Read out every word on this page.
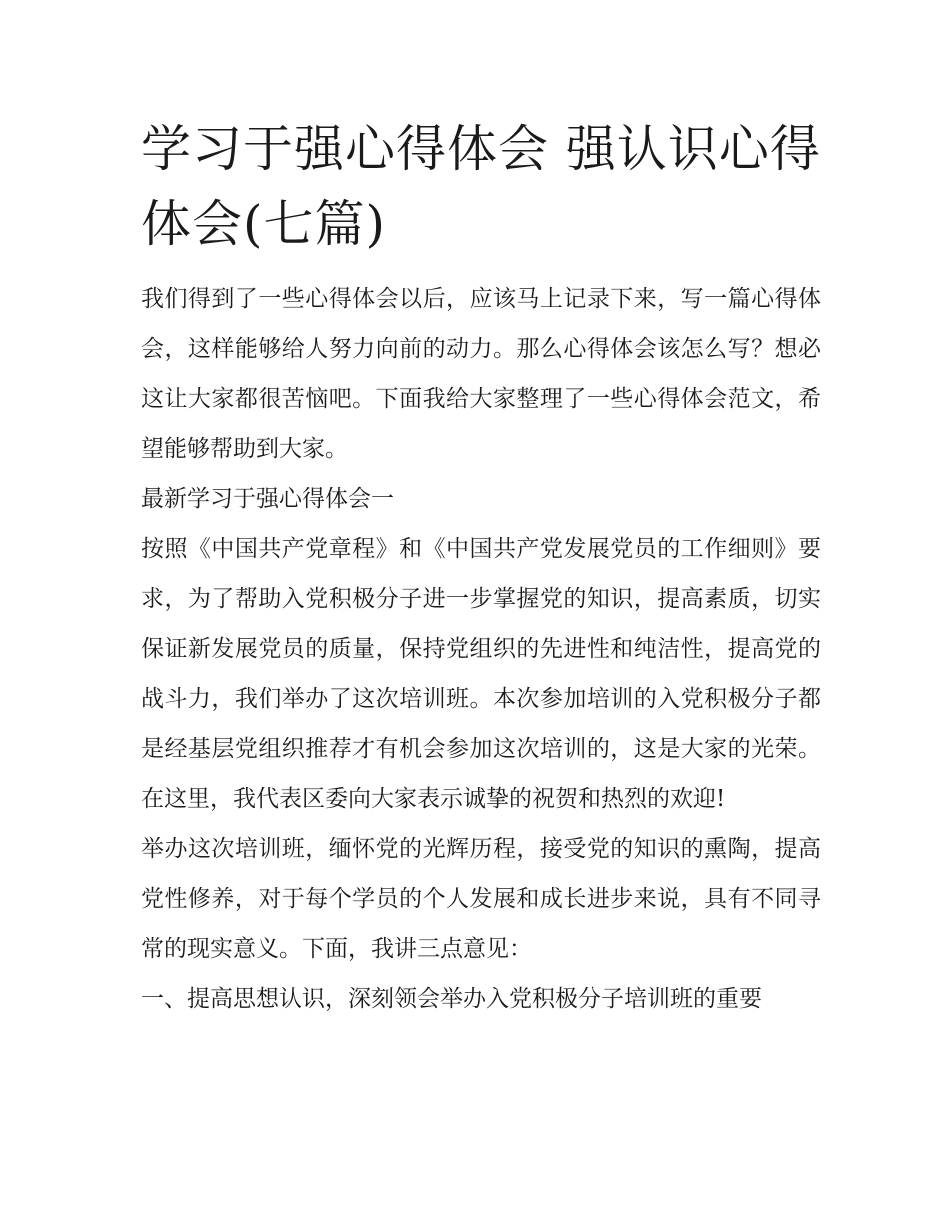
学习于强心得体会 强认识心得体会(七篇)

我们得到了一些心得体会以后，应该马上记录下来，写一篇心得体会，这样能够给人努力向前的动力。那么心得体会该怎么写？想必这让大家都很苦恼吧。下面我给大家整理了一些心得体会范文，希望能够帮助到大家。

最新学习于强心得体会一

按照《中国共产党章程》和《中国共产党发展党员的工作细则》要求，为了帮助入党积极分子进一步掌握党的知识，提高素质，切实保证新发展党员的质量，保持党组织的先进性和纯洁性，提高党的战斗力，我们举办了这次培训班。本次参加培训的入党积极分子都是经基层党组织推荐才有机会参加这次培训的，这是大家的光荣。在这里，我代表区委向大家表示诚挚的祝贺和热烈的欢迎!

举办这次培训班，缅怀党的光辉历程，接受党的知识的熏陶，提高党性修养，对于每个学员的个人发展和成长进步来说，具有不同寻常的现实意义。下面，我讲三点意见：

一、提高思想认识，深刻领会举办入党积极分子培训班的重要
